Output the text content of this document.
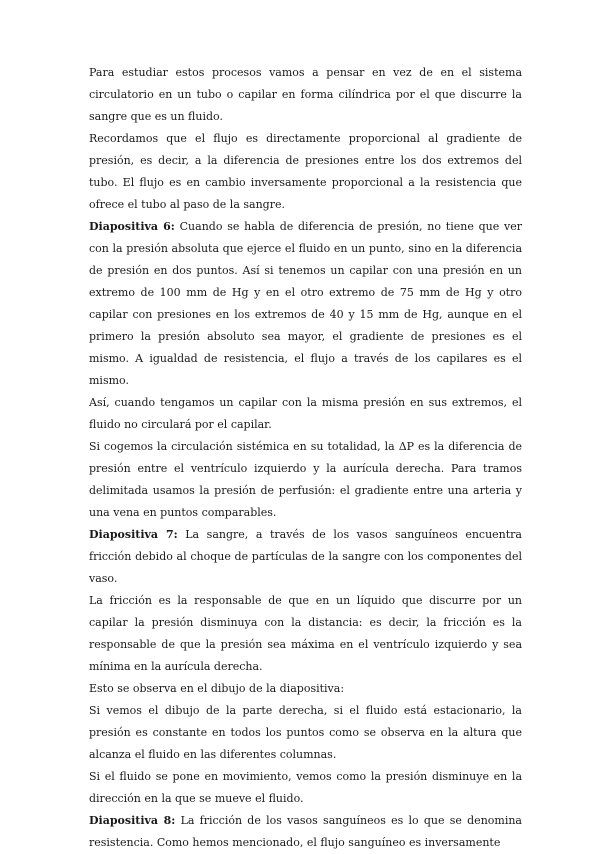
Para estudiar estos procesos vamos a pensar en vez de en el sistema circulatorio en un tubo o capilar en forma cilíndrica por el que discurre la sangre que es un fluido.

Recordamos que el flujo es directamente proporcional al gradiente de presión, es decir, a la diferencia de presiones entre los dos extremos del tubo. El flujo es en cambio inversamente proporcional a la resistencia que ofrece el tubo al paso de la sangre.

Diapositiva 6: Cuando se habla de diferencia de presión, no tiene que ver con la presión absoluta que ejerce el fluido en un punto, sino en la diferencia de presión en dos puntos. Así si tenemos un capilar con una presión en un extremo de 100 mm de Hg y en el otro extremo de 75 mm de Hg y otro capilar con presiones en los extremos de 40 y 15 mm de Hg, aunque en el primero la presión absoluto sea mayor, el gradiente de presiones es el mismo. A igualdad de resistencia, el flujo a través de los capilares es el mismo.

Así, cuando tengamos un capilar con la misma presión en sus extremos, el fluido no circulará por el capilar.

Si cogemos la circulación sistémica en su totalidad, la ΔP es la diferencia de presión entre el ventrículo izquierdo y la aurícula derecha. Para tramos delimitada usamos la presión de perfusión: el gradiente entre una arteria y una vena en puntos comparables.

Diapositiva 7: La sangre, a través de los vasos sanguíneos encuentra fricción debido al choque de partículas de la sangre con los componentes del vaso.

La fricción es la responsable de que en un líquido que discurre por un capilar la presión disminuya con la distancia: es decir, la fricción es la responsable de que la presión sea máxima en el ventrículo izquierdo y sea mínima en la aurícula derecha.

Esto se observa en el dibujo de la diapositiva:

Si vemos el dibujo de la parte derecha, si el fluido está estacionario, la presión es constante en todos los puntos como se observa en la altura que alcanza el fluido en las diferentes columnas.

Si el fluido se pone en movimiento, vemos como la presión disminuye en la dirección en la que se mueve el fluido.

Diapositiva 8: La fricción de los vasos sanguíneos es lo que se denomina resistencia. Como hemos mencionado, el flujo sanguíneo es inversamente
